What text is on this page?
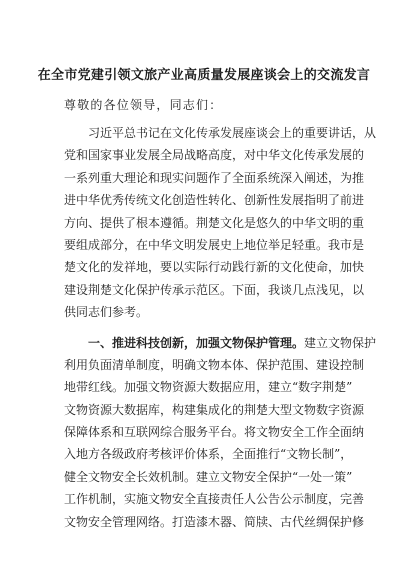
在全市党建引领文旅产业高质量发展座谈会上的交流发言
尊敬的各位领导，同志们：
习近平总书记在文化传承发展座谈会上的重要讲话，从
党和国家事业发展全局战略高度，对中华文化传承发展的
一系列重大理论和现实问题作了全面系统深入阐述，为推
进中华优秀传统文化创造性转化、创新性发展指明了前进
方向、提供了根本遵循。荆楚文化是悠久的中华文明的重
要组成部分，在中华文明发展史上地位举足轻重。我市是
楚文化的发祥地，要以实际行动践行新的文化使命，加快
建设荆楚文化保护传承示范区。下面，我谈几点浅见，以
供同志们参考。
一、推进科技创新，加强文物保护管理。建立文物保护
利用负面清单制度，明确文物本体、保护范围、建设控制
地带红线。加强文物资源大数据应用，建立“数字荆楚”
文物资源大数据库，构建集成化的荆楚大型文物数字资源
保障体系和互联网综合服务平台。将文物安全工作全面纳
入地方各级政府考核评价体系，全面推行“文物长制”，
健全文物安全长效机制。建立文物安全保护“一处一策”
工作机制，实施文物安全直接责任人公告公示制度，完善
文物安全管理网络。打造漆木器、简牍、古代丝绸保护修
